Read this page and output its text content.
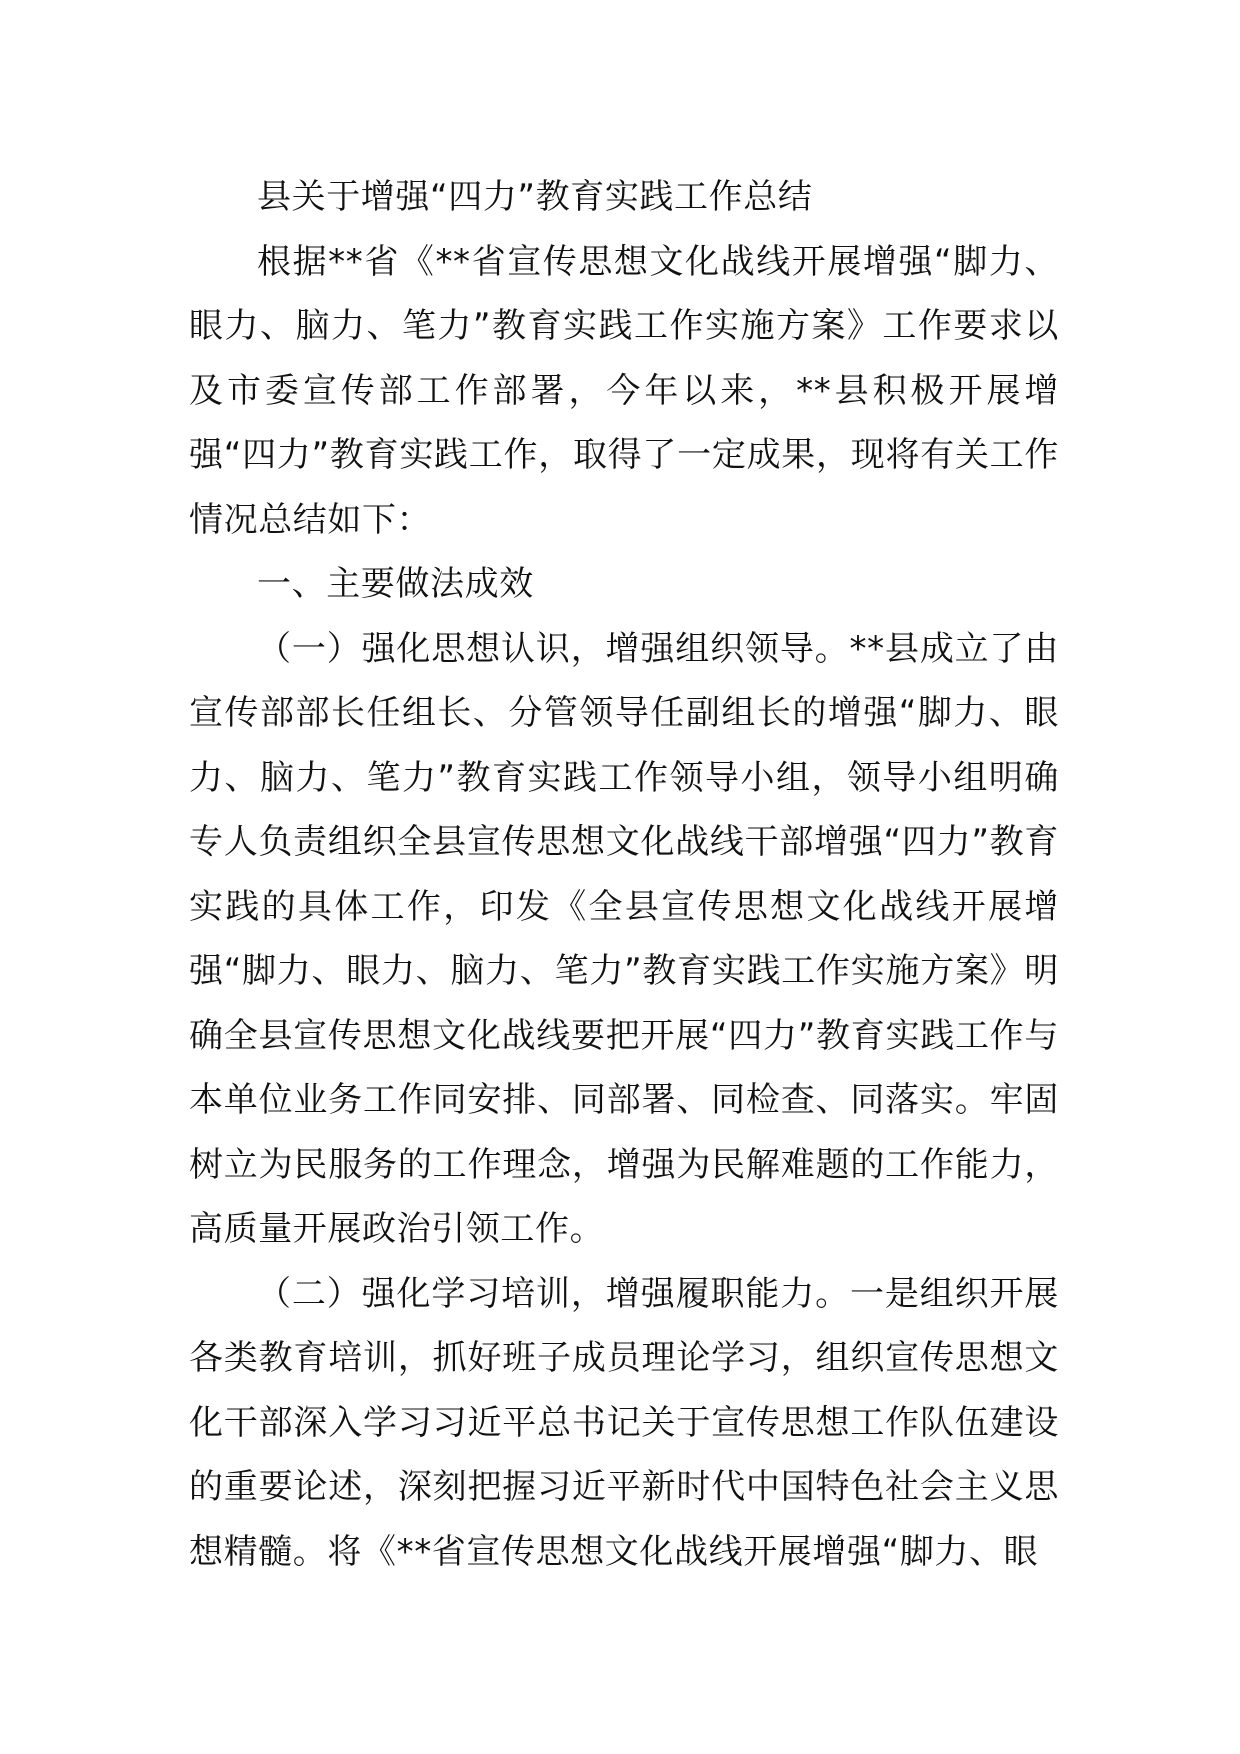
县关于增强“四力”教育实践工作总结

根据**省《**省宣传思想文化战线开展增强“脚力、眼力、脑力、笔力”教育实践工作实施方案》工作要求以及市委宣传部工作部署，今年以来，**县积极开展增强“四力”教育实践工作，取得了一定成果，现将有关工作情况总结如下：

一、主要做法成效

（一）强化思想认识，增强组织领导。**县成立了由宣传部部长任组长、分管领导任副组长的增强“脚力、眼力、脑力、笔力”教育实践工作领导小组，领导小组明确专人负责组织全县宣传思想文化战线干部增强“四力”教育实践的具体工作，印发《全县宣传思想文化战线开展增强“脚力、眼力、脑力、笔力”教育实践工作实施方案》明确全县宣传思想文化战线要把开展“四力”教育实践工作与本单位业务工作同安排、同部署、同检查、同落实。牢固树立为民服务的工作理念，增强为民解难题的工作能力，高质量开展政治引领工作。

（二）强化学习培训，增强履职能力。一是组织开展各类教育培训，抓好班子成员理论学习，组织宣传思想文化干部深入学习习近平总书记关于宣传思想工作队伍建设的重要论述，深刻把握习近平新时代中国特色社会主义思想精髓。将《**省宣传思想文化战线开展增强“脚力、眼
